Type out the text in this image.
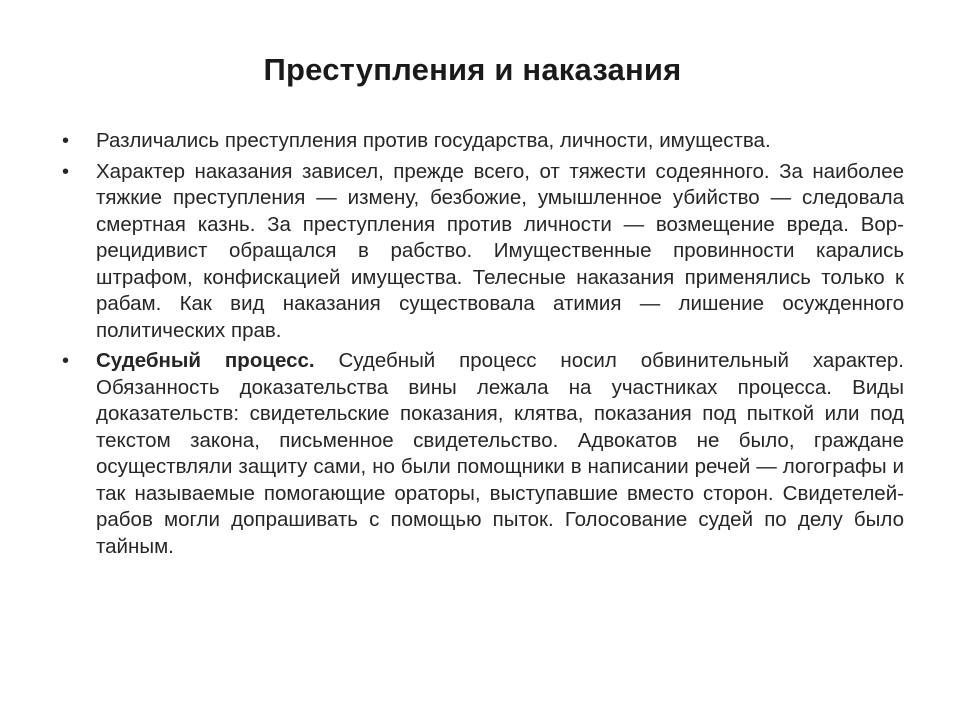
Преступления и наказания
• Различались преступления против государства, личности, имущества.
• Характер наказания зависел, прежде всего, от тяжести содеянного. За наиболее тяжкие преступления — измену, безбожие, умышленное убийство — следовала смертная казнь. За преступления против личности — возмещение вреда. Вор-рецидивист обращался в рабство. Имущественные провинности карались штрафом, конфискацией имущества. Телесные наказания применялись только к рабам. Как вид наказания существовала атимия — лишение осужденного политических прав.
• Судебный процесс. Судебный процесс носил обвинительный характер. Обязанность доказательства вины лежала на участниках процесса. Виды доказательств: свидетельские показания, клятва, показания под пыткой или под текстом закона, письменное свидетельство. Адвокатов не было, граждане осуществляли защиту сами, но были помощники в написании речей — логографы и так называемые помогающие ораторы, выступавшие вместо сторон. Свидетелей-рабов могли допрашивать с помощью пыток. Голосование судей по делу было тайным.
